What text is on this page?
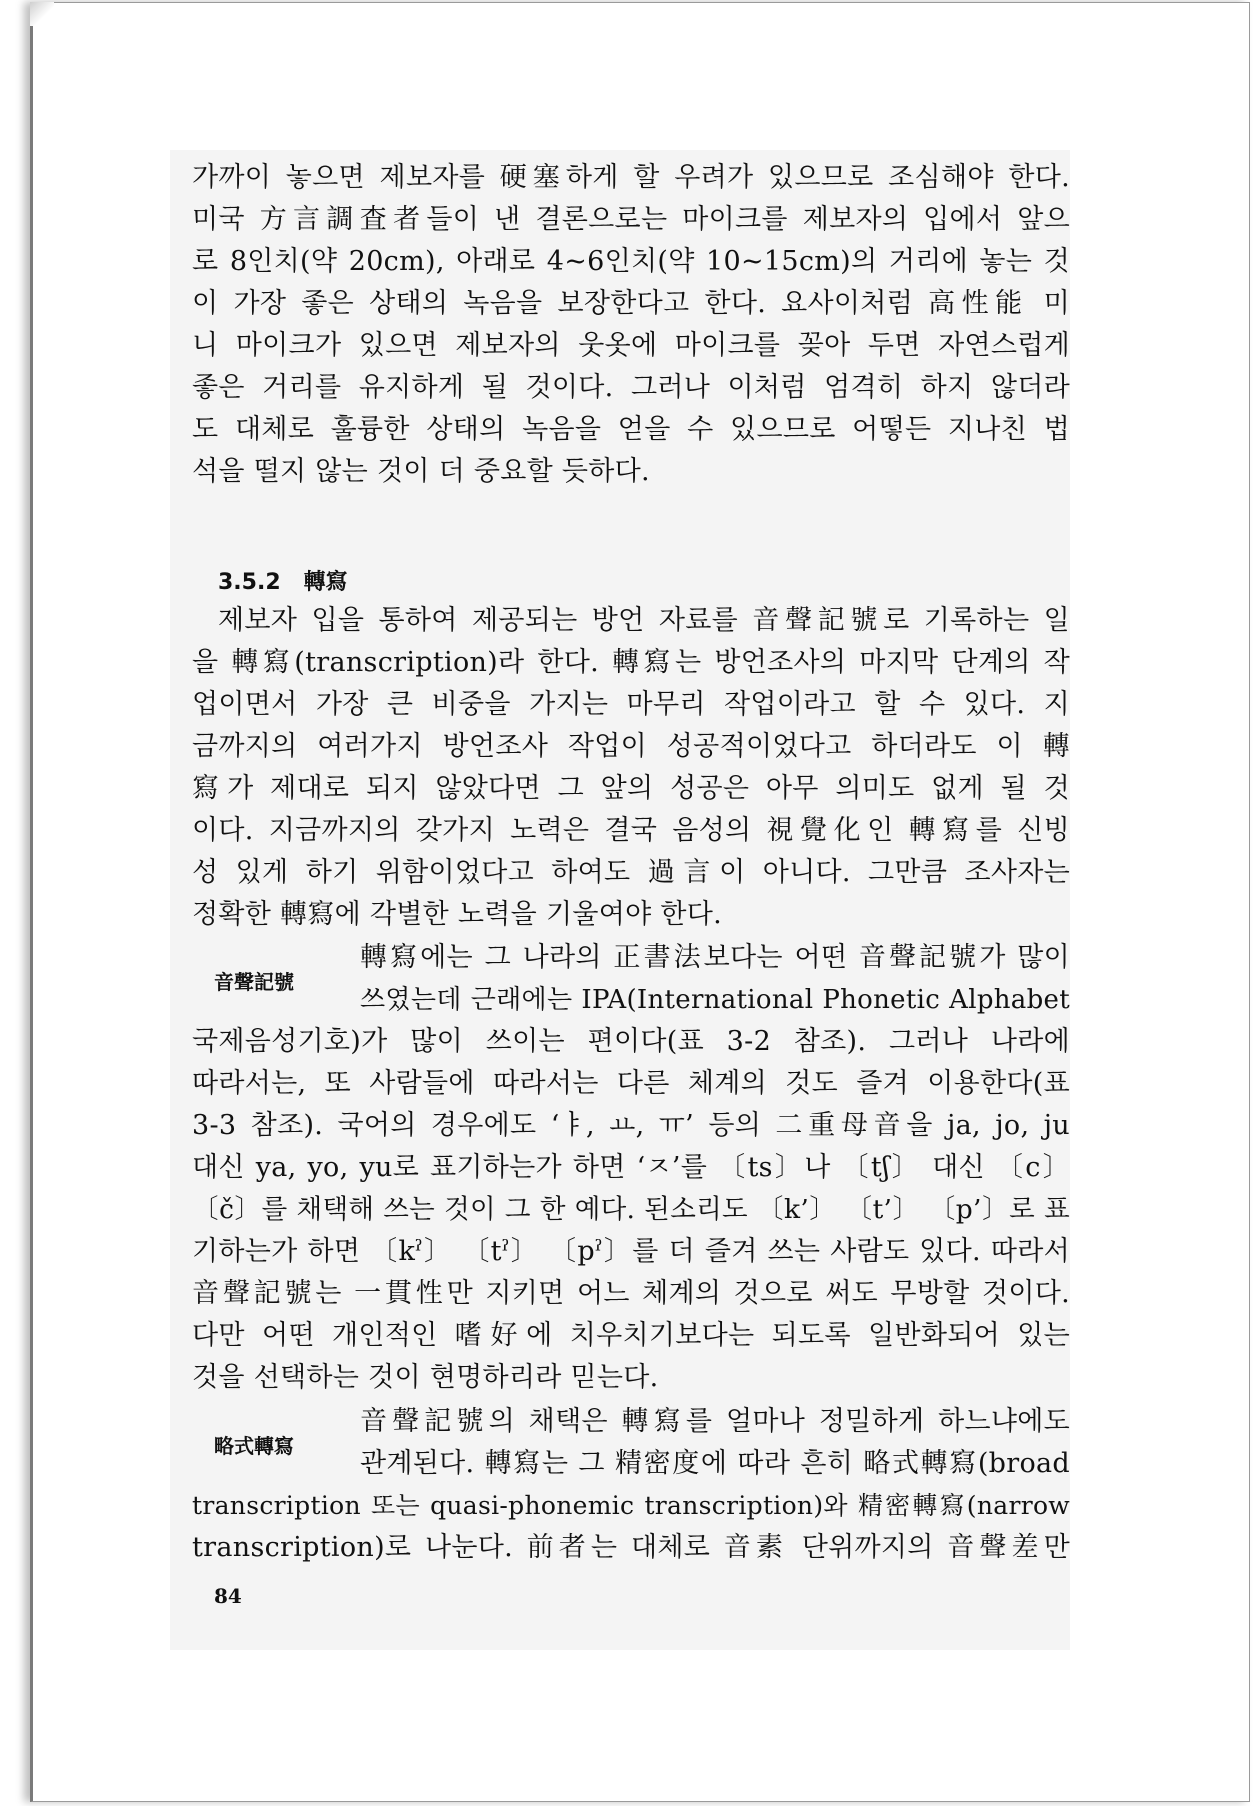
가까이 놓으면 제보자를 硬塞하게 할 우려가 있으므로 조심해야 한다.
미국 方言調査者들이 낸 결론으로는 마이크를 제보자의 입에서 앞으
로 8인치(약 20cm), 아래로 4~6인치(약 10~15cm)의 거리에 놓는 것
이 가장 좋은 상태의 녹음을 보장한다고 한다. 요사이처럼 高性能 미
니 마이크가 있으면 제보자의 웃옷에 마이크를 꽂아 두면 자연스럽게
좋은 거리를 유지하게 될 것이다. 그러나 이처럼 엄격히 하지 않더라
도 대체로 훌륭한 상태의 녹음을 얻을 수 있으므로 어떻든 지나친 법
석을 떨지 않는 것이 더 중요할 듯하다.
3.5.2 轉寫
제보자 입을 통하여 제공되는 방언 자료를 音聲記號로 기록하는 일
을 轉寫(transcription)라 한다. 轉寫는 방언조사의 마지막 단계의 작
업이면서 가장 큰 비중을 가지는 마무리 작업이라고 할 수 있다. 지
금까지의 여러가지 방언조사 작업이 성공적이었다고 하더라도 이 轉
寫가 제대로 되지 않았다면 그 앞의 성공은 아무 의미도 없게 될 것
이다. 지금까지의 갖가지 노력은 결국 음성의 視覺化인 轉寫를 신빙
성 있게 하기 위함이었다고 하여도 過言이 아니다. 그만큼 조사자는
정확한 轉寫에 각별한 노력을 기울여야 한다.
音聲記號
轉寫에는 그 나라의 正書法보다는 어떤 音聲記號가 많이
쓰였는데 근래에는 IPA(International Phonetic Alphabet
국제음성기호)가 많이 쓰이는 편이다(표 3-2 참조). 그러나 나라에
따라서는, 또 사람들에 따라서는 다른 체계의 것도 즐겨 이용한다(표
3-3 참조). 국어의 경우에도 ‘ㅑ, ㅛ, ㅠ’ 등의 二重母音을 ja, jo, ju
대신 ya, yo, yu로 표기하는가 하면 ‘ㅈ’를 〔ts〕나 〔tʃ〕 대신 〔c〕
〔č〕를 채택해 쓰는 것이 그 한 예다. 된소리도 〔k’〕 〔t’〕 〔p’〕로 표
기하는가 하면 〔kˀ〕 〔tˀ〕 〔pˀ〕를 더 즐겨 쓰는 사람도 있다. 따라서
音聲記號는 一貫性만 지키면 어느 체계의 것으로 써도 무방할 것이다.
다만 어떤 개인적인 嗜好에 치우치기보다는 되도록 일반화되어 있는
것을 선택하는 것이 현명하리라 믿는다.
略式轉寫
音聲記號의 채택은 轉寫를 얼마나 정밀하게 하느냐에도
관계된다. 轉寫는 그 精密度에 따라 흔히 略式轉寫(broad
transcription 또는 quasi-phonemic transcription)와 精密轉寫(narrow
transcription)로 나눈다. 前者는 대체로 音素 단위까지의 音聲差만
84
